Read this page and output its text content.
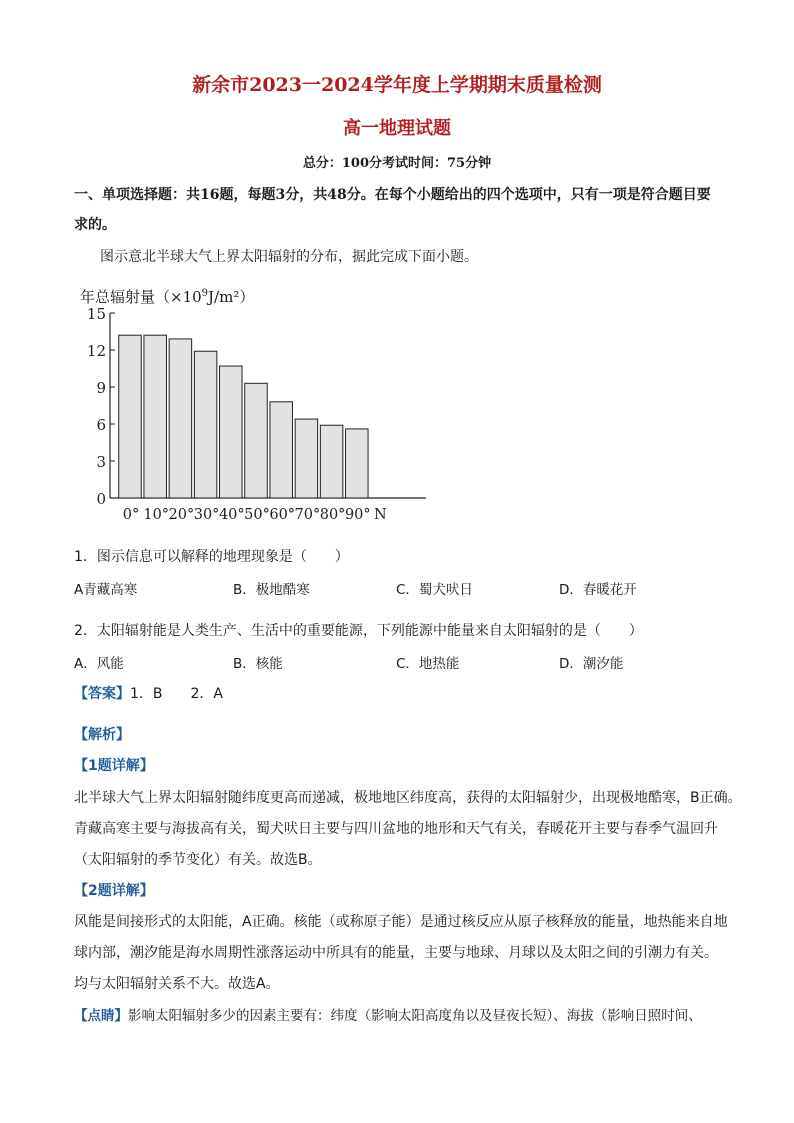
新余市2023一2024学年度上学期期末质量检测
高一地理试题
总分：100分考试时间：75分钟
一、单项选择题：共16题，每题3分，共48分。在每个小题给出的四个选项中，只有一项是符合题目要
求的。
图示意北半球大气上界太阳辐射的分布，据此完成下面小题。
年总辐射量$(\times 10^9J/m^2)$
0
3
6
9
12
15
0° 10° 20° 30° 40° 50° 60° 70° 80° 90° N
1．图示信息可以解释的地理现象是（　　）
A青藏高寒	B．极地酷寒	C．蜀犬吠日	D．春暖花开
2．太阳辐射能是人类生产、生活中的重要能源，下列能源中能量来自太阳辐射的是（　　）
A．风能	B．核能	C．地热能	D．潮汐能
【答案】1．B　　2．A
【解析】
【1题详解】
北半球大气上界太阳辐射随纬度更高而递减，极地地区纬度高，获得的太阳辐射少，出现极地酷寒，B正确。
青藏高寒主要与海拔高有关，蜀犬吠日主要与四川盆地的地形和天气有关，春暖花开主要与春季气温回升
（太阳辐射的季节变化）有关。故选B。
【2题详解】
风能是间接形式的太阳能，A正确。核能（或称原子能）是通过核反应从原子核释放的能量，地热能来自地
球内部，潮汐能是海水周期性涨落运动中所具有的能量，主要与地球、月球以及太阳之间的引潮力有关。
均与太阳辐射关系不大。故选A。
【点睛】影响太阳辐射多少的因素主要有：纬度（影响太阳高度角以及昼夜长短）、海拔（影响日照时间、
